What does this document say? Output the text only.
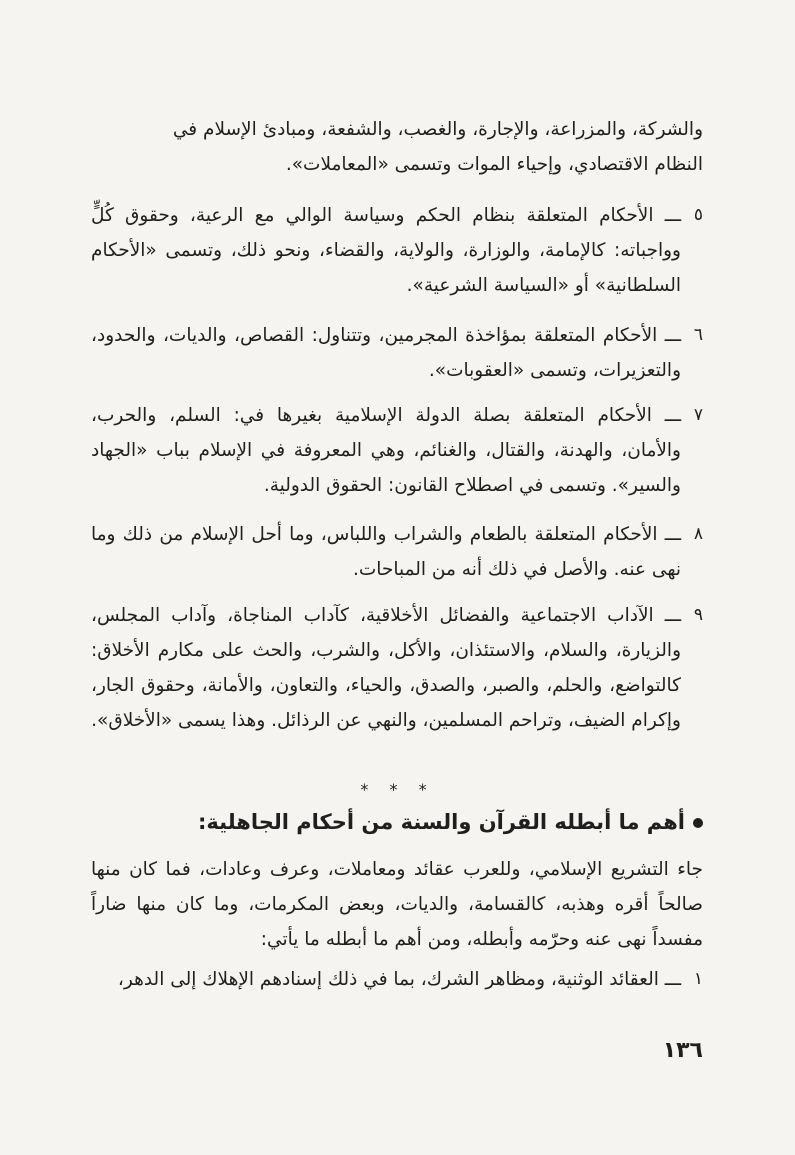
والشركة، والمزراعة، والإجارة، والغصب، والشفعة، ومبادئ الإسلام في
النظام الاقتصادي، وإحياء الموات وتسمى «المعاملات».
٥
ـــ الأحكام المتعلقة بنظام الحكم وسياسة الوالي مع الرعية، وحقوق كُلٍّ وواجباته: كالإمامة، والوزارة، والولاية، والقضاء، ونحو ذلك، وتسمى «الأحكام السلطانية» أو «السياسة الشرعية».
٦
ـــ الأحكام المتعلقة بمؤاخذة المجرمين، وتتناول: القصاص، والديات، والحدود، والتعزيرات، وتسمى «العقوبات».
٧
ـــ الأحكام المتعلقة بصلة الدولة الإسلامية بغيرها في: السلم، والحرب، والأمان، والهدنة، والقتال، والغنائم، وهي المعروفة في الإسلام بباب «الجهاد والسير». وتسمى في اصطلاح القانون: الحقوق الدولية.
٨
ـــ الأحكام المتعلقة بالطعام والشراب واللباس، وما أحل الإسلام من ذلك وما نهى عنه. والأصل في ذلك أنه من المباحات.
٩
ـــ الآداب الاجتماعية والفضائل الأخلاقية، كآداب المناجاة، وآداب المجلس، والزيارة، والسلام، والاستئذان، والأكل، والشرب، والحث على مكارم الأخلاق: كالتواضع، والحلم، والصبر، والصدق، والحياء، والتعاون، والأمانة، وحقوق الجار، وإكرام الضيف، وتراحم المسلمين، والنهي عن الرذائل. وهذا يسمى «الأخلاق».
* * *
أهم ما أبطله القرآن والسنة من أحكام الجاهلية:
جاء التشريع الإسلامي، وللعرب عقائد ومعاملات، وعرف وعادات، فما كان منها صالحاً أقره وهذبه، كالقسامة، والديات، وبعض المكرمات، وما كان منها ضاراً مفسداً نهى عنه وحرّمه وأبطله، ومن أهم ما أبطله ما يأتي:
١
ـــ العقائد الوثنية، ومظاهر الشرك، بما في ذلك إسنادهم الإهلاك إلى الدهر،
١٣٦
